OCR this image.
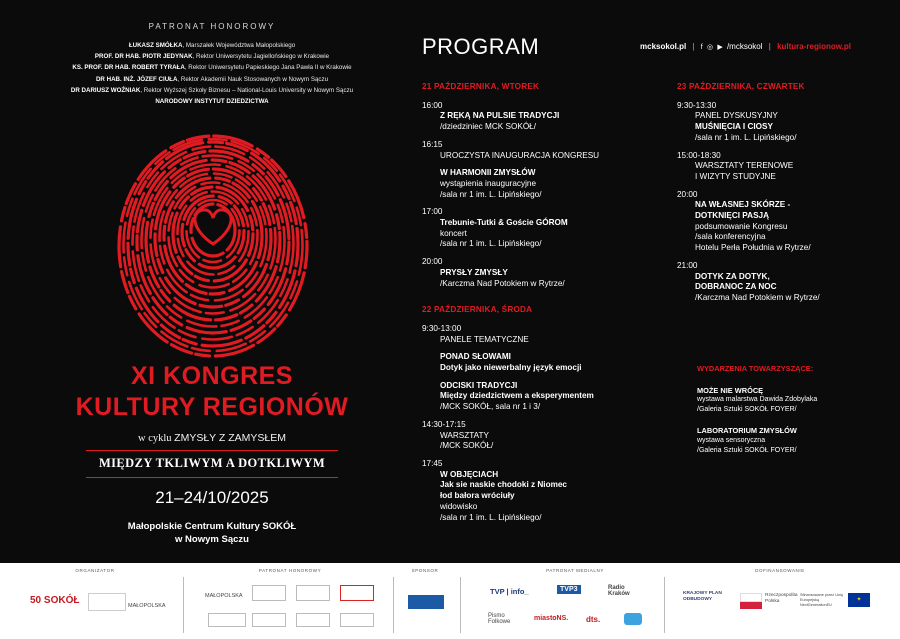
PATRONAT HONOROWY
ŁUKASZ SMÓŁKA, Marszałek Województwa Małopolskiego
PROF. DR HAB. PIOTR JEDYNAK, Rektor Uniwersytetu Jagiellońskiego w Krakowie
KS. PROF. DR HAB. ROBERT TYRAŁA, Rektor Uniwersytetu Papieskiego Jana Pawła II w Krakowie
DR HAB. INŻ. JÓZEF CIUŁA, Rektor Akademii Nauk Stosowanych w Nowym Sączu
DR DARIUSZ WOŹNIAK, Rektor Wyższej Szkoły Biznesu – National-Louis University w Nowym Sączu
NARODOWY INSTYTUT DZIEDZICTWA
XI KONGRES
KULTURY REGIONÓW
w cyklu ZMYSŁY Z ZAMYSŁEM
MIĘDZY TKLIWYM A DOTKLIWYM
21–24/10/2025
Małopolskie Centrum Kultury SOKÓŁ
w Nowym Sączu
PROGRAM	mcksokol.pl | f ◎ ▶ /mcksokol | kultura-regionow.pl
21 PAŹDZIERNIKA, WTOREK
16:00
Z RĘKĄ NA PULSIE TRADYCJI
/dziedziniec MCK SOKÓŁ/
16:15
UROCZYSTA INAUGURACJA KONGRESU
W HARMONII ZMYSŁÓW
wystąpienia inauguracyjne
/sala nr 1 im. L. Lipińskiego/
17:00
Trebunie-Tutki & Goście GÓROM
koncert
/sala nr 1 im. L. Lipińskiego/
20:00
PRYSŁY ZMYSŁY
/Karczma Nad Potokiem w Rytrze/
22 PAŹDZIERNIKA, ŚRODA
9:30-13:00
PANELE TEMATYCZNE
PONAD SŁOWAMI
Dotyk jako niewerbalny język emocji
ODCISKI TRADYCJI
Między dziedzictwem a eksperymentem
/MCK SOKÓŁ, sala nr 1 i 3/
14:30-17:15
WARSZTATY
/MCK SOKÓŁ/
17:45
W OBJĘCIACH
Jak sie naskie chodoki z Niomec
łod bałora wróciuły
widowisko
/sala nr 1 im. L. Lipińskiego/
23 PAŹDZIERNIKA, CZWARTEK
9:30-13:30
PANEL DYSKUSYJNY
MUŚNIĘCIA I CIOSY
/sala nr 1 im. L. Lipińskiego/
15:00-18:30
WARSZTATY TERENOWE
I WIZYTY STUDYJNE
20:00
NA WŁASNEJ SKÓRZE -
DOTKNIĘCI PASJĄ
podsumowanie Kongresu
/sala konferencyjna
Hotelu Perła Południa w Rytrze/
21:00
DOTYK ZA DOTYK,
DOBRANOC ZA NOC
/Karczma Nad Potokiem w Rytrze/
WYDARZENIA TOWARZYSZĄCE:
MOŻE NIE WRÓCĘ
wystawa malarstwa Dawida Zdobylaka
/Galeria Sztuki SOKÓŁ FOYER/
LABORATORIUM ZMYSŁÓW
wystawa sensoryczna
/Galeria Sztuki SOKÓŁ FOYER/
ORGANIZATOR	PATRONAT HONOROWY	SPONSOR	PATRONAT MEDIALNY	DOFINANSOWANIE
50 SOKÓŁ	MAŁOPOLSKA
MAŁOPOLSKA	TVP | info_	TVP3	Radio Kraków
Pismo Folkowe	miastoNS. dts.
KRAJOWY PLAN ODBUDOWY
Rzeczpospolita Polska
Sfinansowane przez Unię Europejską NextGenerationEU
✦
